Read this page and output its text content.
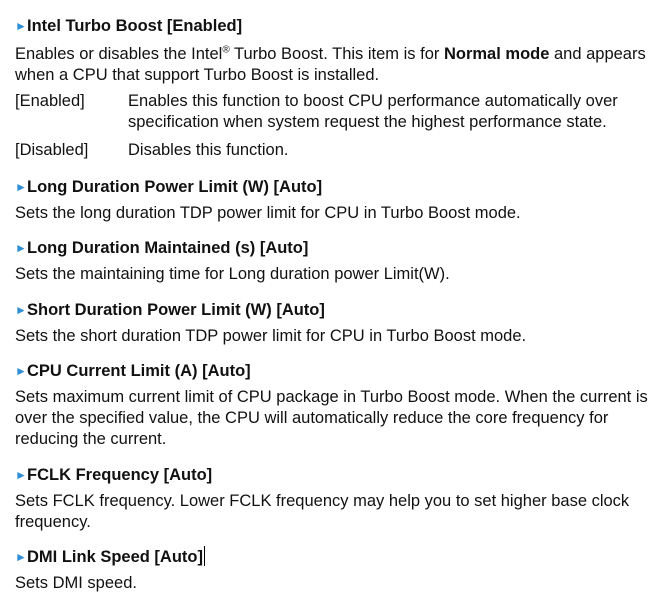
►Intel Turbo Boost [Enabled]
Enables or disables the Intel® Turbo Boost. This item is for Normal mode and appears when a CPU that support Turbo Boost is installed.
[Enabled]	Enables this function to boost CPU performance automatically over specification when system request the highest performance state.
[Disabled]	Disables this function.
►Long Duration Power Limit (W) [Auto]
Sets the long duration TDP power limit for CPU in Turbo Boost mode.
►Long Duration Maintained (s) [Auto]
Sets the maintaining time for Long duration power Limit(W).
►Short Duration Power Limit (W) [Auto]
Sets the short duration TDP power limit for CPU in Turbo Boost mode.
►CPU Current Limit (A) [Auto]
Sets maximum current limit of CPU package in Turbo Boost mode. When the current is over the specified value, the CPU will automatically reduce the core frequency for reducing the current.
►FCLK Frequency [Auto]
Sets FCLK frequency. Lower FCLK frequency may help you to set higher base clock frequency.
►DMI Link Speed [Auto]
Sets DMI speed.
